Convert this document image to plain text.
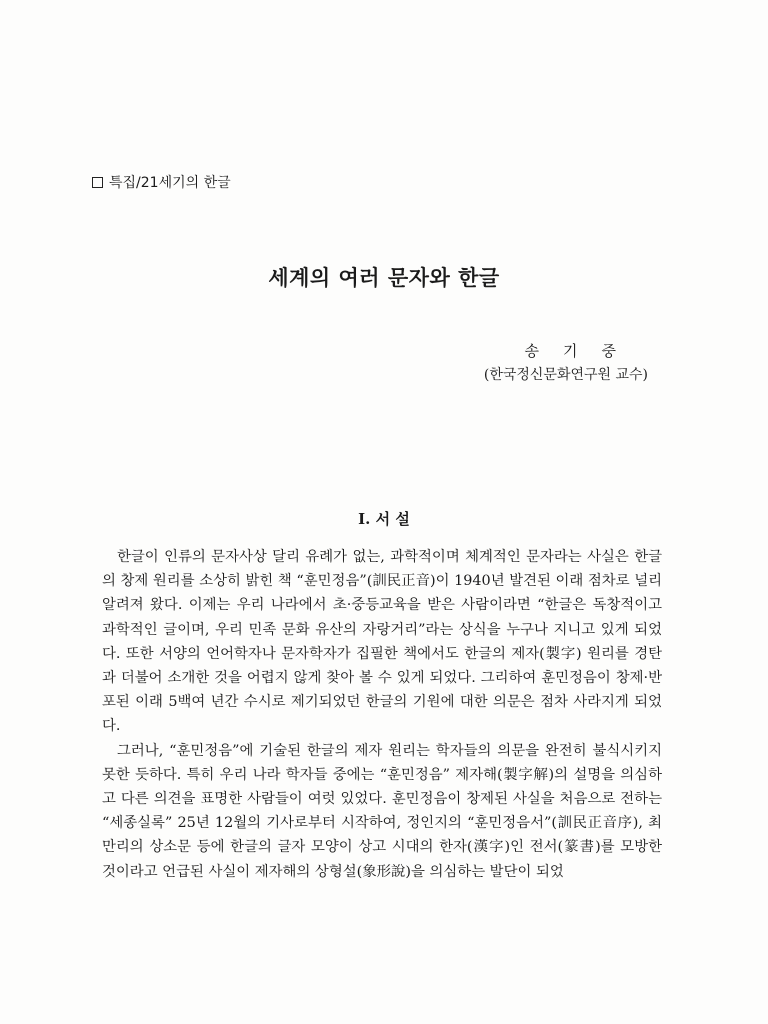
특집/21세기의 한글
세계의 여러 문자와 한글
송기중
(한국정신문화연구원 교수)
I. 서 설

한글이 인류의 문자사상 달리 유례가 없는, 과학적이며 체계적인 문자라는 사실은 한글의 창제 원리를 소상히 밝힌 책 “훈민정음”(訓民正音)이 1940년 발견된 이래 점차로 널리 알려져 왔다. 이제는 우리 나라에서 초·중등교육을 받은 사람이라면 “한글은 독창적이고 과학적인 글이며, 우리 민족 문화 유산의 자랑거리”라는 상식을 누구나 지니고 있게 되었다. 또한 서양의 언어학자나 문자학자가 집필한 책에서도 한글의 제자(製字) 원리를 경탄과 더불어 소개한 것을 어렵지 않게 찾아 볼 수 있게 되었다. 그리하여 훈민정음이 창제·반포된 이래 5백여 년간 수시로 제기되었던 한글의 기원에 대한 의문은 점차 사라지게 되었다.

그러나, “훈민정음”에 기술된 한글의 제자 원리는 학자들의 의문을 완전히 불식시키지 못한 듯하다. 특히 우리 나라 학자들 중에는 “훈민정음” 제자해(製字解)의 설명을 의심하고 다른 의견을 표명한 사람들이 여럿 있었다. 훈민정음이 창제된 사실을 처음으로 전하는 “세종실록” 25년 12월의 기사로부터 시작하여, 정인지의 “훈민정음서”(訓民正音序), 최만리의 상소문 등에 한글의 글자 모양이 상고 시대의 한자(漢字)인 전서(篆書)를 모방한 것이라고 언급된 사실이 제자해의 상형설(象形說)을 의심하는 발단이 되었
